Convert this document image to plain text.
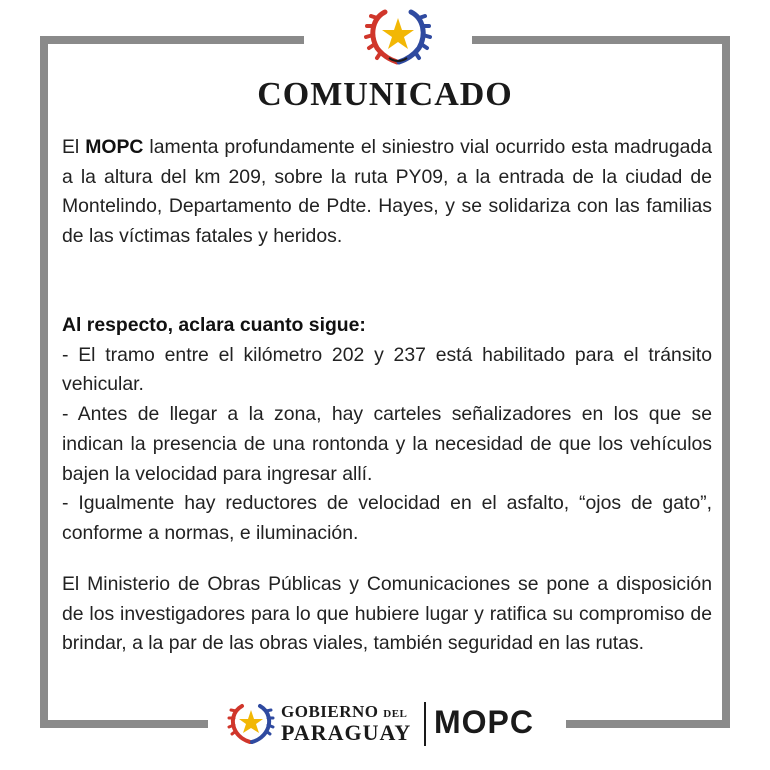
COMUNICADO

El MOPC lamenta profundamente el siniestro vial ocurrido esta madrugada a la altura del km 209, sobre la ruta PY09, a la entrada de la ciudad de Montelindo, Departamento de Pdte. Hayes, y se solidariza con las familias de las víctimas fatales y heridos.

Al respecto, aclara cuanto sigue:

- El tramo entre el kilómetro 202 y 237 está habilitado para el tránsito vehicular.

- Antes de llegar a la zona, hay carteles señalizadores en los que se indican la presencia de una rontonda y la necesidad de que los vehículos bajen la velocidad para ingresar allí.

- Igualmente hay reductores de velocidad en el asfalto, “ojos de gato”, conforme a normas, e iluminación.

El Ministerio de Obras Públicas y Comunicaciones se pone a disposición de los investigadores para lo que hubiere lugar y ratifica su compromiso de brindar, a la par de las obras viales, también seguridad en las rutas.

GOBIERNO DEL
PARAGUAY MOPC
